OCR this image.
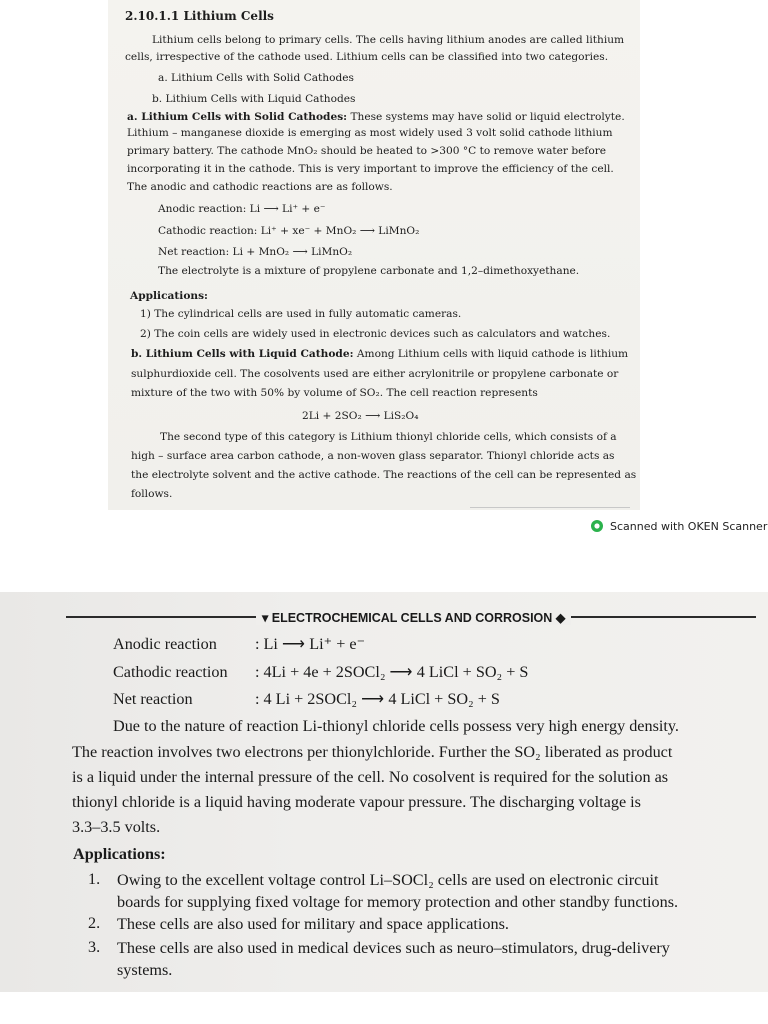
2.10.1.1 Lithium Cells
Lithium cells belong to primary cells. The cells having lithium anodes are called lithium
cells, irrespective of the cathode used. Lithium cells can be classified into two categories.
a. Lithium Cells with Solid Cathodes
b. Lithium Cells with Liquid Cathodes
a. Lithium Cells with Solid Cathodes: These systems may have solid or liquid electrolyte.
Lithium – manganese dioxide is emerging as most widely used 3 volt solid cathode lithium
primary battery. The cathode MnO₂ should be heated to >300 °C to remove water before
incorporating it in the cathode. This is very important to improve the efficiency of the cell.
The anodic and cathodic reactions are as follows.
Anodic reaction: Li ⟶ Li⁺ + e⁻
Cathodic reaction: Li⁺ + xe⁻ + MnO₂ ⟶ LiMnO₂
Net reaction: Li + MnO₂ ⟶ LiMnO₂
The electrolyte is a mixture of propylene carbonate and 1,2–dimethoxyethane.
Applications:
1) The cylindrical cells are used in fully automatic cameras.
2) The coin cells are widely used in electronic devices such as calculators and watches.
b. Lithium Cells with Liquid Cathode: Among Lithium cells with liquid cathode is lithium
sulphurdioxide cell. The cosolvents used are either acrylonitrile or propylene carbonate or
mixture of the two with 50% by volume of SO₂. The cell reaction represents
2Li + 2SO₂ ⟶ LiS₂O₄
The second type of this category is Lithium thionyl chloride cells, which consists of a
high – surface area carbon cathode, a non-woven glass separator. Thionyl chloride acts as
the electrolyte solvent and the active cathode. The reactions of the cell can be represented as
follows.
Scanned with OKEN Scanner
▾ ELECTROCHEMICAL CELLS AND CORROSION ◆
Anodic reaction : Li ⟶ Li⁺ + e⁻
Cathodic reaction : 4Li + 4e + 2SOCl₂ ⟶ 4 LiCl + SO₂ + S
Net reaction	: 4 Li + 2SOCl₂ ⟶ 4 LiCl + SO₂ + S
Due to the nature of reaction Li-thionyl chloride cells possess very high energy density.
The reaction involves two electrons per thionylchloride. Further the SO₂ liberated as product
is a liquid under the internal pressure of the cell. No cosolvent is required for the solution as
thionyl chloride is a liquid having moderate vapour pressure. The discharging voltage is
3.3–3.5 volts.
Applications:
1. Owing to the excellent voltage control Li–SOCl₂ cells are used on electronic circuit
boards for supplying fixed voltage for memory protection and other standby functions.
2. These cells are also used for military and space applications.
3. These cells are also used in medical devices such as neuro–stimulators, drug-delivery
systems.
